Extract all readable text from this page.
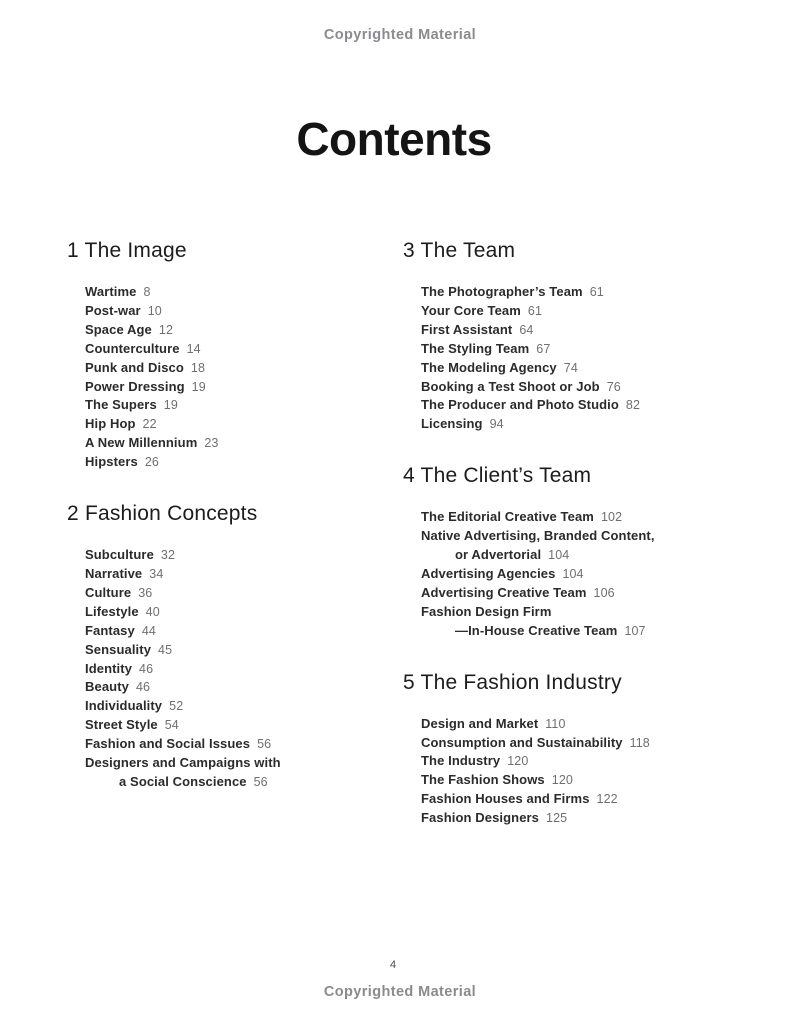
Copyrighted Material
Contents
1 The Image
Wartime 8
Post-war 10
Space Age 12
Counterculture 14
Punk and Disco 18
Power Dressing 19
The Supers 19
Hip Hop 22
A New Millennium 23
Hipsters 26
2 Fashion Concepts
Subculture 32
Narrative 34
Culture 36
Lifestyle 40
Fantasy 44
Sensuality 45
Identity 46
Beauty 46
Individuality 52
Street Style 54
Fashion and Social Issues 56
Designers and Campaigns with
a Social Conscience 56
3 The Team
The Photographer’s Team 61
Your Core Team 61
First Assistant 64
The Styling Team 67
The Modeling Agency 74
Booking a Test Shoot or Job 76
The Producer and Photo Studio 82
Licensing 94
4 The Client’s Team
The Editorial Creative Team 102
Native Advertising, Branded Content,
or Advertorial 104
Advertising Agencies 104
Advertising Creative Team 106
Fashion Design Firm
—In-House Creative Team 107
5 The Fashion Industry
Design and Market 110
Consumption and Sustainability 118
The Industry 120
The Fashion Shows 120
Fashion Houses and Firms 122
Fashion Designers 125
4
Copyrighted Material
